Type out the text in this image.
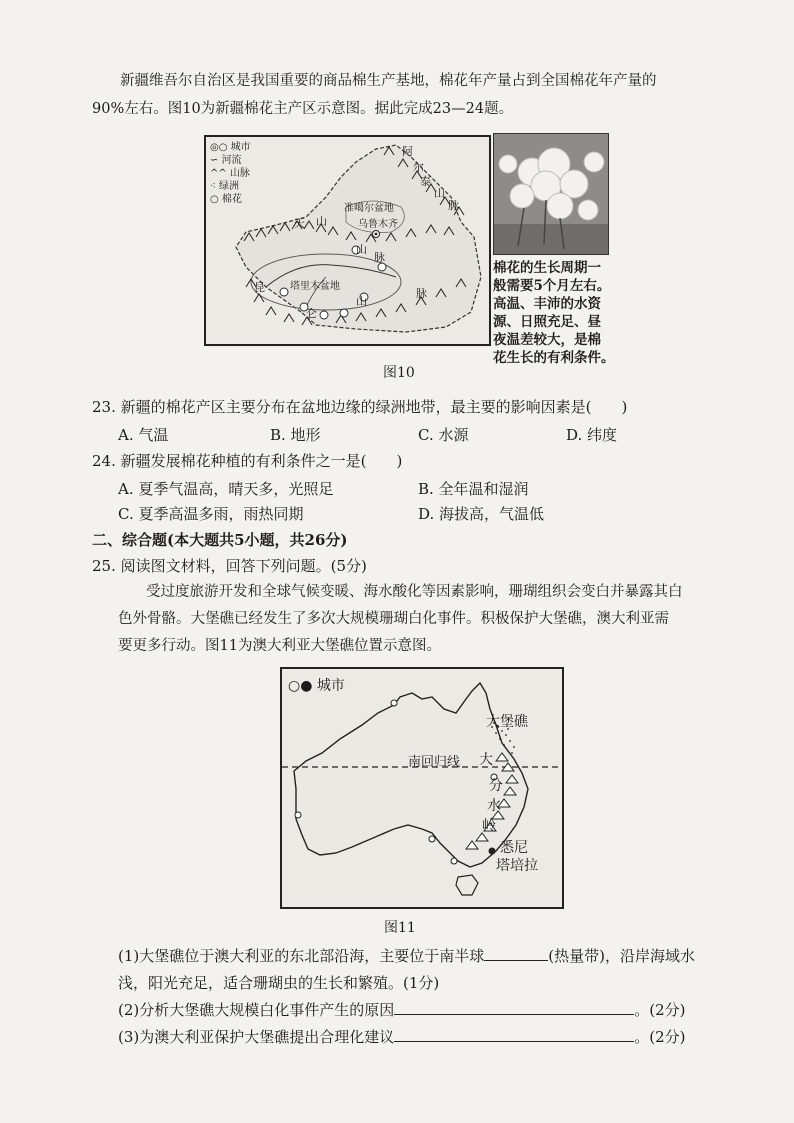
新疆维吾尔自治区是我国重要的商品棉生产基地，棉花年产量占到全国棉花年产量的
90%左右。图10为新疆棉花主产区示意图。据此完成23—24题。
◎○ 城市
∽ 河流
^^ 山脉
⁖ 绿洲
○ 棉花
阿
尔
泰
山
脉
准噶尔盆地
乌鲁木齐
天 山
山
脉
塔里木盆地
昆
仑
山
脉
棉花的生长周期一
般需要5个月左右。
高温、丰沛的水资
源、日照充足、昼
夜温差较大，是棉
花生长的有利条件。
图10
23. 新疆的棉花产区主要分布在盆地边缘的绿洲地带，最主要的影响因素是(　　)
A. 气温	B. 地形	C. 水源	D. 纬度
24. 新疆发展棉花种植的有利条件之一是(　　)
A. 夏季气温高，晴天多，光照足	B. 全年温和湿润
C. 夏季高温多雨，雨热同期	D. 海拔高，气温低
二、综合题(本大题共5小题，共26分)
25. 阅读图文材料，回答下列问题。(5分)
受过度旅游开发和全球气候变暖、海水酸化等因素影响，珊瑚组织会变白并暴露其白
色外骨骼。大堡礁已经发生了多次大规模珊瑚白化事件。积极保护大堡礁，澳大利亚需
要更多行动。图11为澳大利亚大堡礁位置示意图。
○● 城市
大堡礁
南回归线 大
分
水
岭
悉尼
塔培拉
图11
(1)大堡礁位于澳大利亚的东北部沿海，主要位于南半球	(热量带)，沿岸海域水
浅，阳光充足，适合珊瑚虫的生长和繁殖。(1分)
(2)分析大堡礁大规模白化事件产生的原因	。(2分)
(3)为澳大利亚保护大堡礁提出合理化建议	。(2分)
